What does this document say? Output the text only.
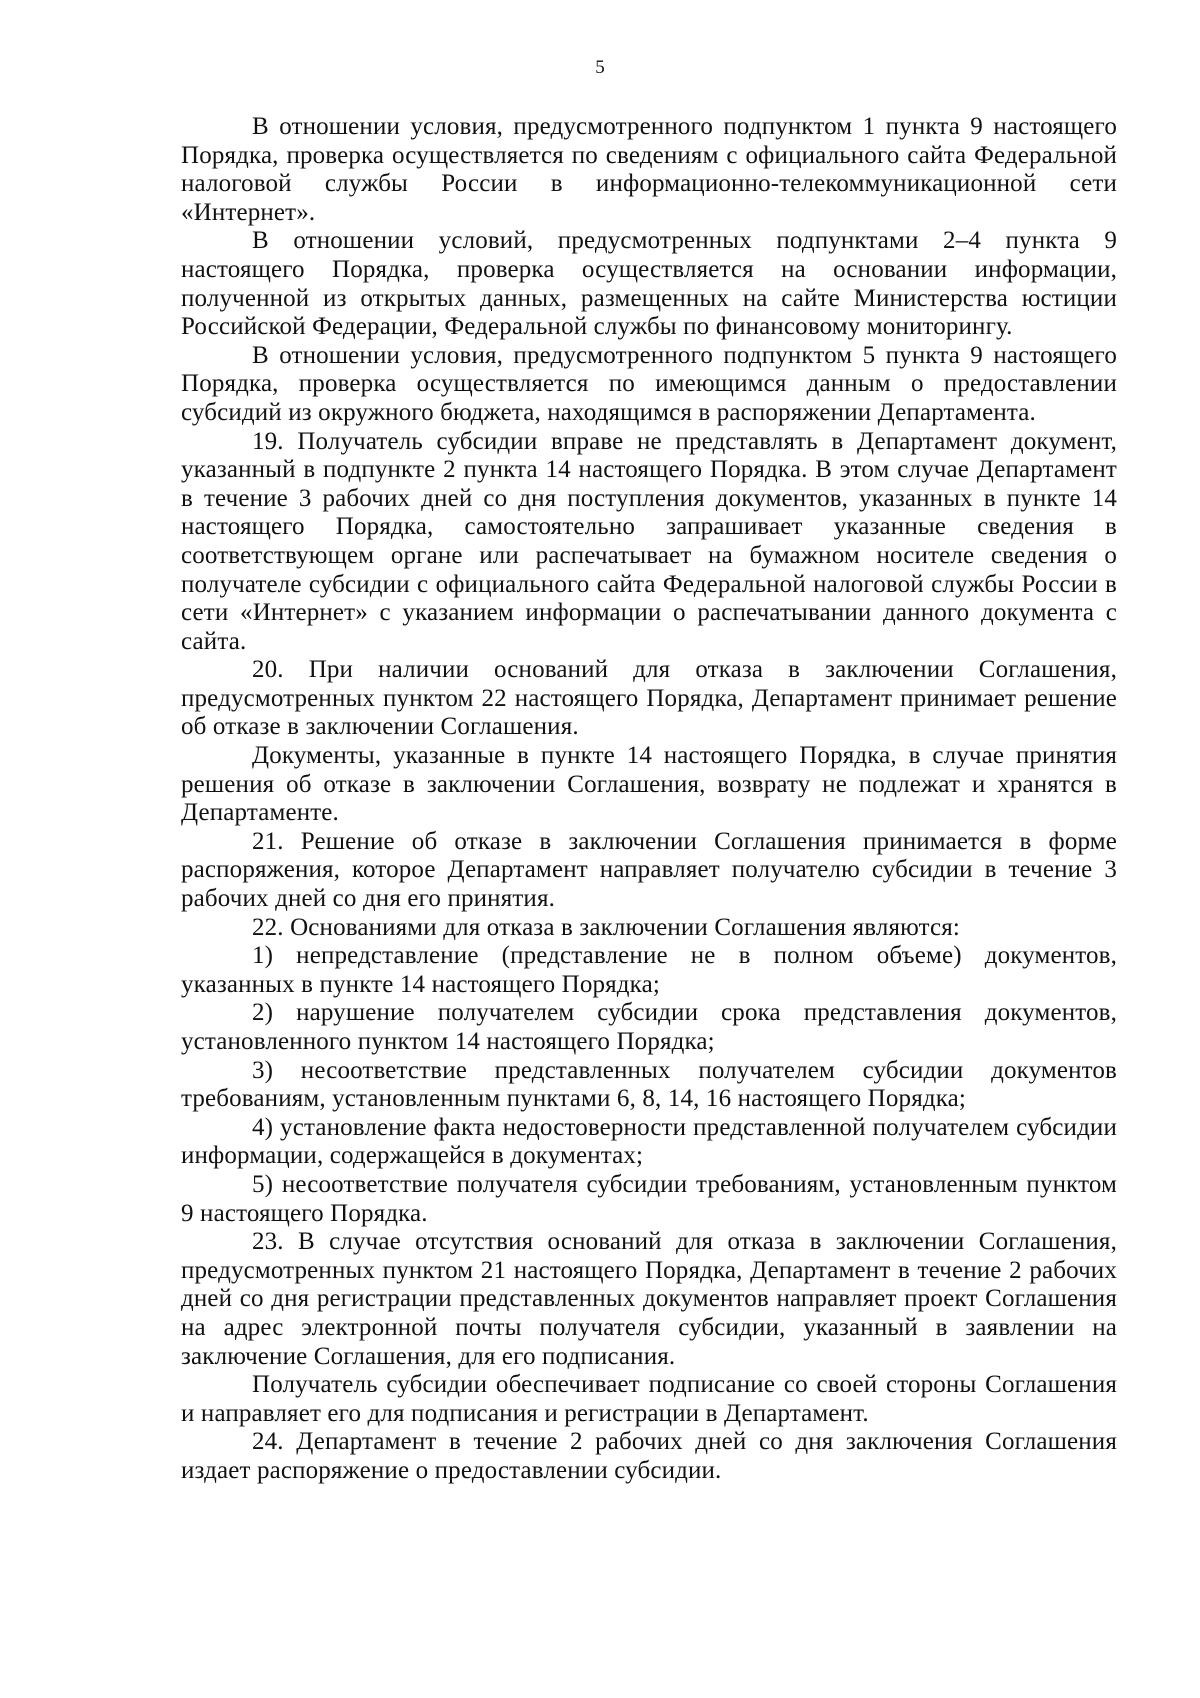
5

В отношении условия, предусмотренного подпунктом 1 пункта 9 настоящего Порядка, проверка осуществляется по сведениям с официального сайта Федеральной налоговой службы России в информационно-телекоммуникационной сети «Интернет».

В отношении условий, предусмотренных подпунктами 2–4 пункта 9 настоящего Порядка, проверка осуществляется на основании информации, полученной из открытых данных, размещенных на сайте Министерства юстиции Российской Федерации, Федеральной службы по финансовому мониторингу.

В отношении условия, предусмотренного подпунктом 5 пункта 9 настоящего Порядка, проверка осуществляется по имеющимся данным о предоставлении субсидий из окружного бюджета, находящимся в распоряжении Департамента.

19. Получатель субсидии вправе не представлять в Департамент документ, указанный в подпункте 2 пункта 14 настоящего Порядка. В этом случае Департамент в течение 3 рабочих дней со дня поступления документов, указанных в пункте 14 настоящего Порядка, самостоятельно запрашивает указанные сведения в соответствующем органе или распечатывает на бумажном носителе сведения о получателе субсидии с официального сайта Федеральной налоговой службы России в сети «Интернет» с указанием информации о распечатывании данного документа с сайта.

20. При наличии оснований для отказа в заключении Соглашения, предусмотренных пунктом 22 настоящего Порядка, Департамент принимает решение об отказе в заключении Соглашения.

Документы, указанные в пункте 14 настоящего Порядка, в случае принятия решения об отказе в заключении Соглашения, возврату не подлежат и хранятся в Департаменте.

21. Решение об отказе в заключении Соглашения принимается в форме распоряжения, которое Департамент направляет получателю субсидии в течение 3 рабочих дней со дня его принятия.

22. Основаниями для отказа в заключении Соглашения являются:

1) непредставление (представление не в полном объеме) документов, указанных в пункте 14 настоящего Порядка;

2) нарушение получателем субсидии срока представления документов, установленного пунктом 14 настоящего Порядка;

3) несоответствие представленных получателем субсидии документов требованиям, установленным пунктами 6, 8, 14, 16 настоящего Порядка;

4) установление факта недостоверности представленной получателем субсидии информации, содержащейся в документах;

5) несоответствие получателя субсидии требованиям, установленным пунктом 9 настоящего Порядка.

23. В случае отсутствия оснований для отказа в заключении Соглашения, предусмотренных пунктом 21 настоящего Порядка, Департамент в течение 2 рабочих дней со дня регистрации представленных документов направляет проект Соглашения на адрес электронной почты получателя субсидии, указанный в заявлении на заключение Соглашения, для его подписания.

Получатель субсидии обеспечивает подписание со своей стороны Соглашения и направляет его для подписания и регистрации в Департамент.

24. Департамент в течение 2 рабочих дней со дня заключения Соглашения издает распоряжение о предоставлении субсидии.
